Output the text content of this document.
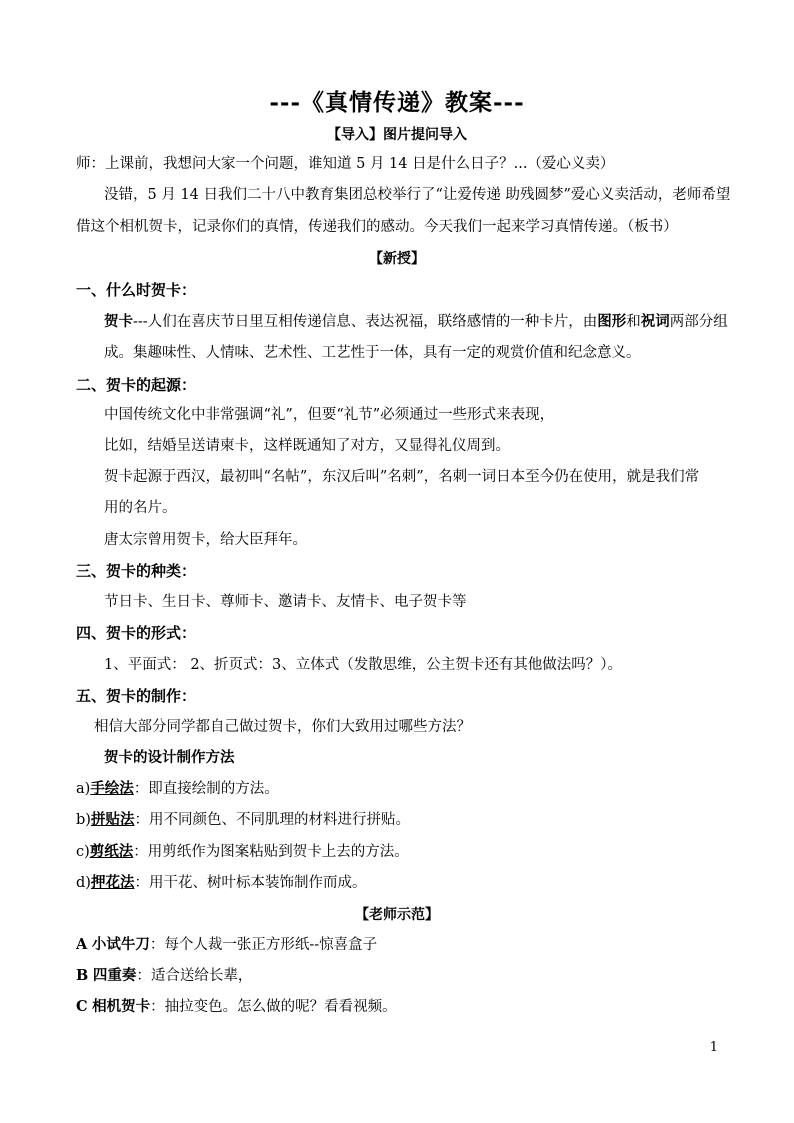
---《真情传递》教案---
【导入】图片提问导入
师：上课前，我想问大家一个问题，谁知道 5 月 14 日是什么日子？...（爱心义卖）
没错，5 月 14 日我们二十八中教育集团总校举行了“让爱传递 助残圆梦”爱心义卖活动，老师希望
借这个相机贺卡，记录你们的真情，传递我们的感动。今天我们一起来学习真情传递。（板书）
【新授】
一、什么时贺卡：
贺卡---人们在喜庆节日里互相传递信息、表达祝福，联络感情的一种卡片，由图形和祝词两部分组
成。集趣味性、人情味、艺术性、工艺性于一体，具有一定的观赏价值和纪念意义。
二、贺卡的起源：
中国传统文化中非常强调“礼”，但要“礼节”必须通过一些形式来表现，
比如，结婚呈送请柬卡，这样既通知了对方，又显得礼仪周到。
贺卡起源于西汉，最初叫“名帖”，东汉后叫”名刺”，名刺一词日本至今仍在使用，就是我们常
用的名片。
唐太宗曾用贺卡，给大臣拜年。
三、贺卡的种类：
节日卡、生日卡、尊师卡、邀请卡、友情卡、电子贺卡等
四、贺卡的形式：
1、平面式： 2、折页式：3、立体式（发散思维，公主贺卡还有其他做法吗？）。
五、贺卡的制作：
相信大部分同学都自己做过贺卡，你们大致用过哪些方法？
贺卡的设计制作方法
a)手绘法：即直接绘制的方法。
b)拼贴法：用不同颜色、不同肌理的材料进行拼贴。
c)剪纸法：用剪纸作为图案粘贴到贺卡上去的方法。
d)押花法：用干花、树叶标本装饰制作而成。
【老师示范】
A 小试牛刀：每个人裁一张正方形纸--惊喜盒子
B 四重奏：适合送给长辈，
C 相机贺卡：抽拉变色。怎么做的呢？看看视频。
1
